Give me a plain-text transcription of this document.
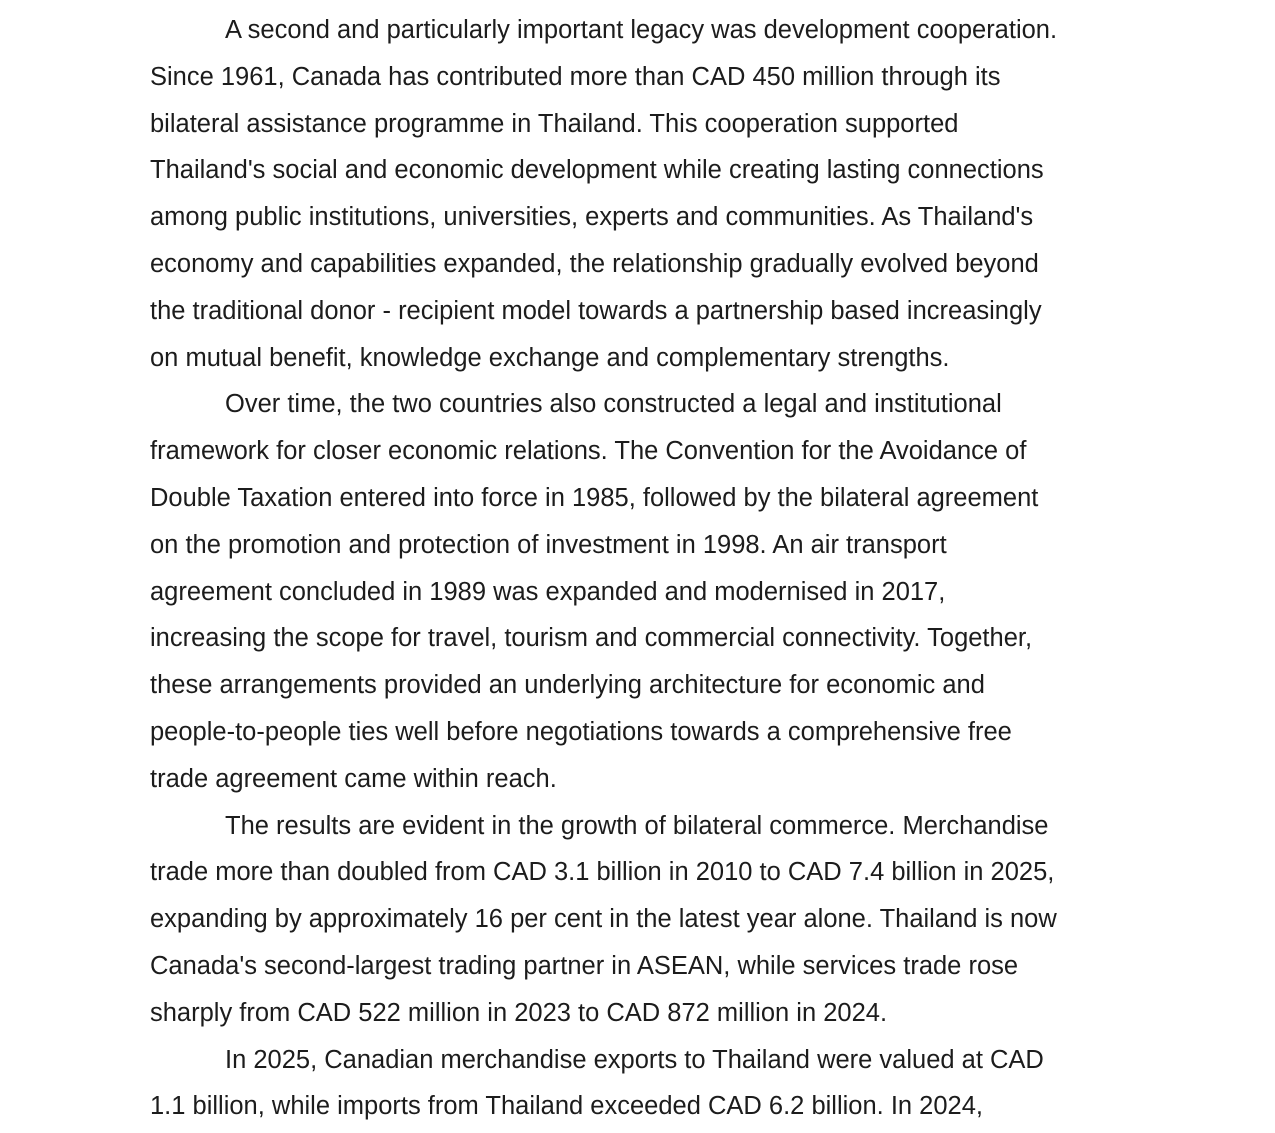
A second and particularly important legacy was development cooperation.
Since 1961, Canada has contributed more than CAD 450 million through its
bilateral assistance programme in Thailand. This cooperation supported
Thailand's social and economic development while creating lasting connections
among public institutions, universities, experts and communities. As Thailand's
economy and capabilities expanded, the relationship gradually evolved beyond
the traditional donor - recipient model towards a partnership based increasingly
on mutual benefit, knowledge exchange and complementary strengths.

Over time, the two countries also constructed a legal and institutional
framework for closer economic relations. The Convention for the Avoidance of
Double Taxation entered into force in 1985, followed by the bilateral agreement
on the promotion and protection of investment in 1998. An air transport
agreement concluded in 1989 was expanded and modernised in 2017,
increasing the scope for travel, tourism and commercial connectivity. Together,
these arrangements provided an underlying architecture for economic and
people-to-people ties well before negotiations towards a comprehensive free
trade agreement came within reach.

The results are evident in the growth of bilateral commerce. Merchandise
trade more than doubled from CAD 3.1 billion in 2010 to CAD 7.4 billion in 2025,
expanding by approximately 16 per cent in the latest year alone. Thailand is now
Canada's second-largest trading partner in ASEAN, while services trade rose
sharply from CAD 522 million in 2023 to CAD 872 million in 2024.

In 2025, Canadian merchandise exports to Thailand were valued at CAD
1.1 billion, while imports from Thailand exceeded CAD 6.2 billion. In 2024,
